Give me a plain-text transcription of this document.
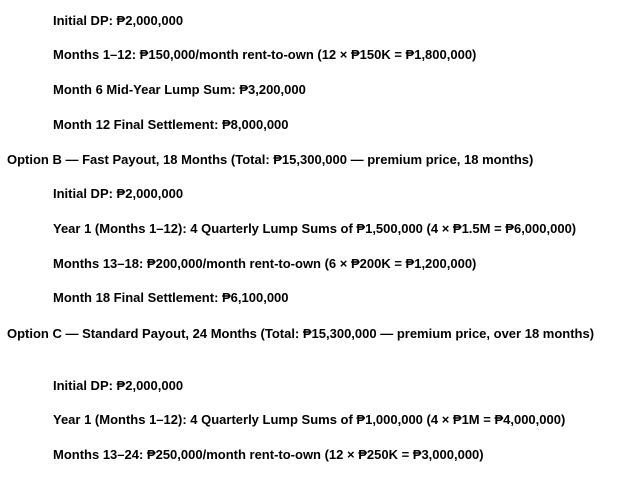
Initial DP: ₱2,000,000
Months 1–12: ₱150,000/month rent-to-own (12 × ₱150K = ₱1,800,000)
Month 6 Mid-Year Lump Sum: ₱3,200,000
Month 12 Final Settlement: ₱8,000,000
Option B — Fast Payout, 18 Months (Total: ₱15,300,000 — premium price, 18 months)
Initial DP: ₱2,000,000
Year 1 (Months 1–12): 4 Quarterly Lump Sums of ₱1,500,000 (4 × ₱1.5M = ₱6,000,000)
Months 13–18: ₱200,000/month rent-to-own (6 × ₱200K = ₱1,200,000)
Month 18 Final Settlement: ₱6,100,000
Option C — Standard Payout, 24 Months (Total: ₱15,300,000 — premium price, over 18 months)
Initial DP: ₱2,000,000
Year 1 (Months 1–12): 4 Quarterly Lump Sums of ₱1,000,000 (4 × ₱1M = ₱4,000,000)
Months 13–24: ₱250,000/month rent-to-own (12 × ₱250K = ₱3,000,000)
